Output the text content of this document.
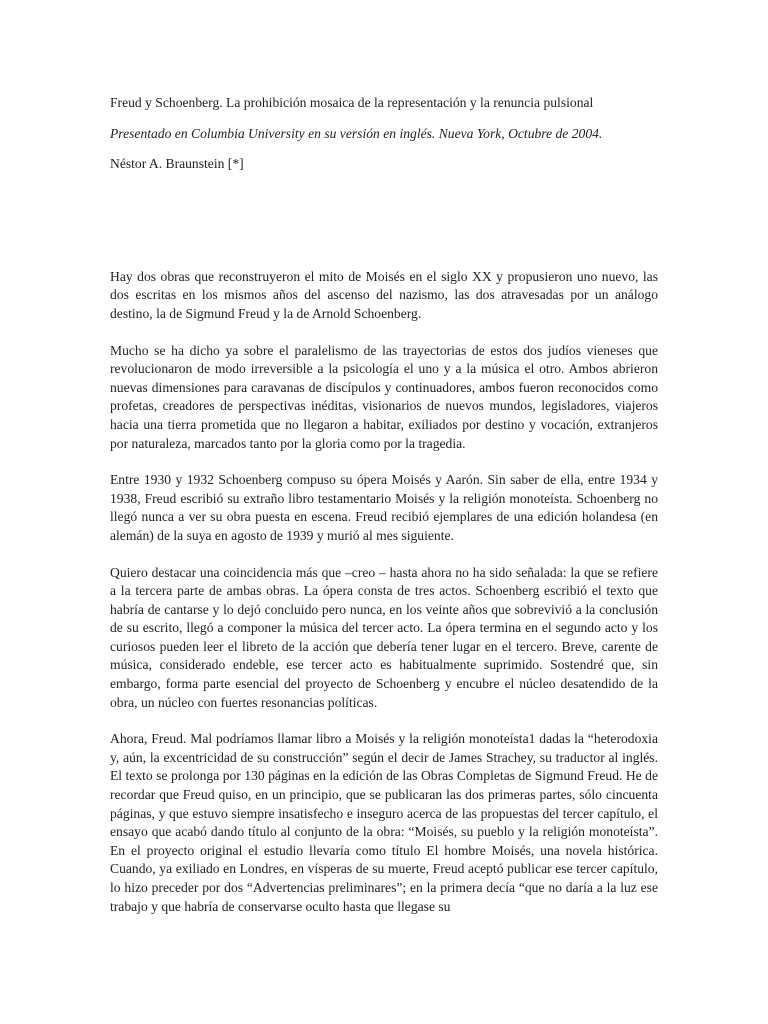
Freud y Schoenberg. La prohibición mosaica de la representación y la renuncia pulsional

Presentado en Columbia University en su versión en inglés. Nueva York, Octubre de 2004.

Néstor A. Braunstein [*]

Hay dos obras que reconstruyeron el mito de Moisés en el siglo XX y propusieron uno nuevo, las dos escritas en los mismos años del ascenso del nazismo, las dos atravesadas por un análogo destino, la de Sigmund Freud y la de Arnold Schoenberg.

Mucho se ha dicho ya sobre el paralelismo de las trayectorias de estos dos judíos vieneses que revolucionaron de modo irreversible a la psicología el uno y a la música el otro. Ambos abrieron nuevas dimensiones para caravanas de discípulos y continuadores, ambos fueron reconocidos como profetas, creadores de perspectivas inéditas, visionarios de nuevos mundos, legisladores, viajeros hacia una tierra prometida que no llegaron a habitar, exiliados por destino y vocación, extranjeros por naturaleza, marcados tanto por la gloria como por la tragedia.

Entre 1930 y 1932 Schoenberg compuso su ópera Moisés y Aarón. Sin saber de ella, entre 1934 y 1938, Freud escribió su extraño libro testamentario Moisés y la religión monoteísta. Schoenberg no llegó nunca a ver su obra puesta en escena. Freud recibió ejemplares de una edición holandesa (en alemán) de la suya en agosto de 1939 y murió al mes siguiente.

Quiero destacar una coincidencia más que –creo – hasta ahora no ha sido señalada: la que se refiere a la tercera parte de ambas obras. La ópera consta de tres actos. Schoenberg escribió el texto que habría de cantarse y lo dejó concluido pero nunca, en los veinte años que sobrevivió a la conclusión de su escrito, llegó a componer la música del tercer acto. La ópera termina en el segundo acto y los curiosos pueden leer el libreto de la acción que debería tener lugar en el tercero. Breve, carente de música, considerado endeble, ese tercer acto es habitualmente suprimido. Sostendré que, sin embargo, forma parte esencial del proyecto de Schoenberg y encubre el núcleo desatendido de la obra, un núcleo con fuertes resonancias políticas.

Ahora, Freud. Mal podríamos llamar libro a Moisés y la religión monoteísta1 dadas la “heterodoxia y, aún, la excentricidad de su construcción” según el decir de James Strachey, su traductor al inglés. El texto se prolonga por 130 páginas en la edición de las Obras Completas de Sigmund Freud. He de recordar que Freud quiso, en un principio, que se publicaran las dos primeras partes, sólo cincuenta páginas, y que estuvo siempre insatisfecho e inseguro acerca de las propuestas del tercer capítulo, el ensayo que acabó dando título al conjunto de la obra: “Moisés, su pueblo y la religión monoteísta”. En el proyecto original el estudio llevaría como título El hombre Moisés, una novela histórica. Cuando, ya exiliado en Londres, en vísperas de su muerte, Freud aceptó publicar ese tercer capítulo, lo hizo preceder por dos “Advertencias preliminares”; en la primera decía “que no daría a la luz ese trabajo y que habría de conservarse oculto hasta que llegase su
